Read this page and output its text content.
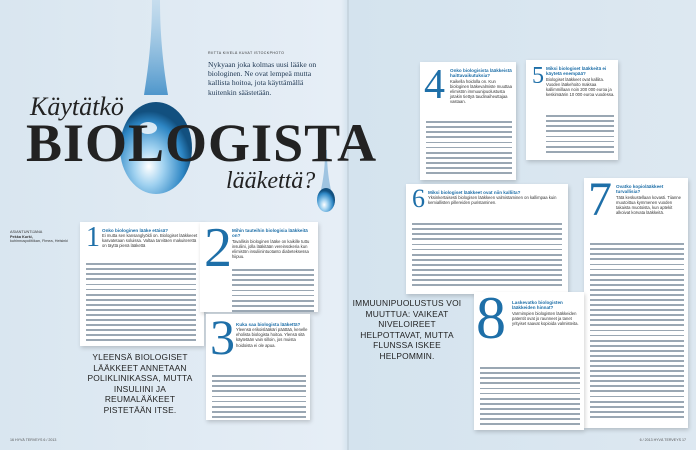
Käytätkö
BIOLOGISTA
lääkettä?
RIITTA KIVELÄ KUVAT ISTOCKPHOTO
Nykyaan joka kolmas uusi lääke on biologinen. Ne ovat lempeä mutta kallista hoitoa, jota käyttämällä kuitenkin säästetään.
ASIANTUNTIJANA
Pekka Kurki,
kuhinnuspolitiikan, Fimea, Helsinki 1 Onko biologinen lääke etäisä?
Ei mutta sen kansanglyöldi on. Biologiset lääkkeeet kasvatetaan soluissa. Valtaa tarvitäen makuiterettä on täyttä pienä lääkettä	2 Mihin tauteihin biologisia lääkkeitä on?
Tavallisin biologinen lääke on kaikille tuttu insuliini, jolla lääkitään vereinsokeria kun elimistön insuliinintuotanto diabeteksessa hiipuu.
3 Kuka saa biologista lääkettä?
Yleensä erikoislääkäri päättää, kenelle eholista biologista hoitoa. Ylensä sitä käytetään vain silloin, jos muista hoidoista ei ole apua.
4 Onko biologisista lääkkeistä haittavaikutuksia?
Kaikella hoidolla on. Kun biologinen lääkevalmiste muuttaa elimistön immuunipuolustusta jotakin tiettyä taudinaiheuttajaa vastaan.
5 Miksi biologiset lääkkeitä ei käytetä enempää?
Biologiset lääkkeet ovat kalliita. Vuoden lääkehoito maksaa kallimmillaan noin 200 000 euroa ja keskimäärin 10 000 euroa vuodessa.
6 Miksi biologiset lääkkeet ovat niin kalliita?
Yksinkertaisesti biologisen lääkkeen valmistaminen on kallimpaa kuin kemiallisten pillereiden puristaminen.	7 Ovatko kopiolääkkeet turvallisia?
Tätä keskustellaan kovasti. Tiianne muutoittua kymmenen vuoden takaista muotoista, kun aptekit alkoivat korvata lääkkeitä.
8 Laskevatko biologisten lääkkeiden hinnat?
Varmimpien biologisten lääkkeiden patentit ovat jo raunneet ja tanet yrityiset saavat kopioida valmisteita.
YLEENSÄ BIOLOGISET LÄÄKKEET ANNETAAN POLIKLINIKASSA, MUTTA INSULIINI JA REUMALÄÄKEET PISTETÄÄN ITSE.
IMMUUNIPUOLUSTUS VOI MUUTTUA: VAIKEAT NIVELOIREET HELPOTTAVAT, MUTTA FLUNSSA ISKEE HELPOMMIN.
16 HYVÄ TERVEYS 6 / 2013	6 / 2013 HYVÄ TERVEYS 17
